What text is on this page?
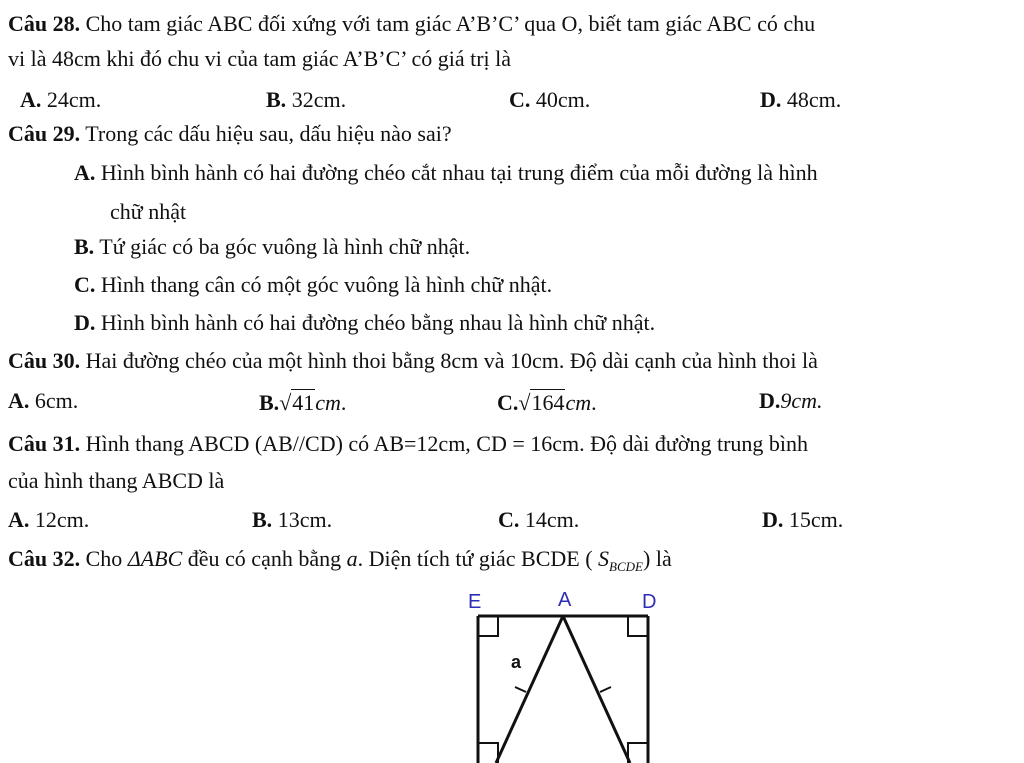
Câu 28. Cho tam giác ABC đối xứng với tam giác A’B’C’ qua O, biết tam giác ABC có chu
vi là 48cm khi đó chu vi của tam giác A’B’C’ có giá trị là
A. 24cm.	B. 32cm.	C. 40cm.	D. 48cm.
Câu 29. Trong các dấu hiệu sau, dấu hiệu nào sai?
A. Hình bình hành có hai đường chéo cắt nhau tại trung điểm của mỗi đường là hình
chữ nhật
B. Tứ giác có ba góc vuông là hình chữ nhật.
C. Hình thang cân có một góc vuông là hình chữ nhật.
D. Hình bình hành có hai đường chéo bằng nhau là hình chữ nhật.
Câu 30. Hai đường chéo của một hình thoi bằng 8cm và 10cm. Độ dài cạnh của hình thoi là
A. 6cm.	B.√41cm.	C.√164cm.	D.9cm.
Câu 31. Hình thang ABCD (AB//CD) có AB=12cm, CD = 16cm. Độ dài đường trung bình
của hình thang ABCD là
A. 12cm.	B. 13cm.	C. 14cm.	D. 15cm.
Câu 32. Cho ΔABC đều có cạnh bằng a. Diện tích tứ giác BCDE ( $S_{BCDE}$) là
E	A	D
a
